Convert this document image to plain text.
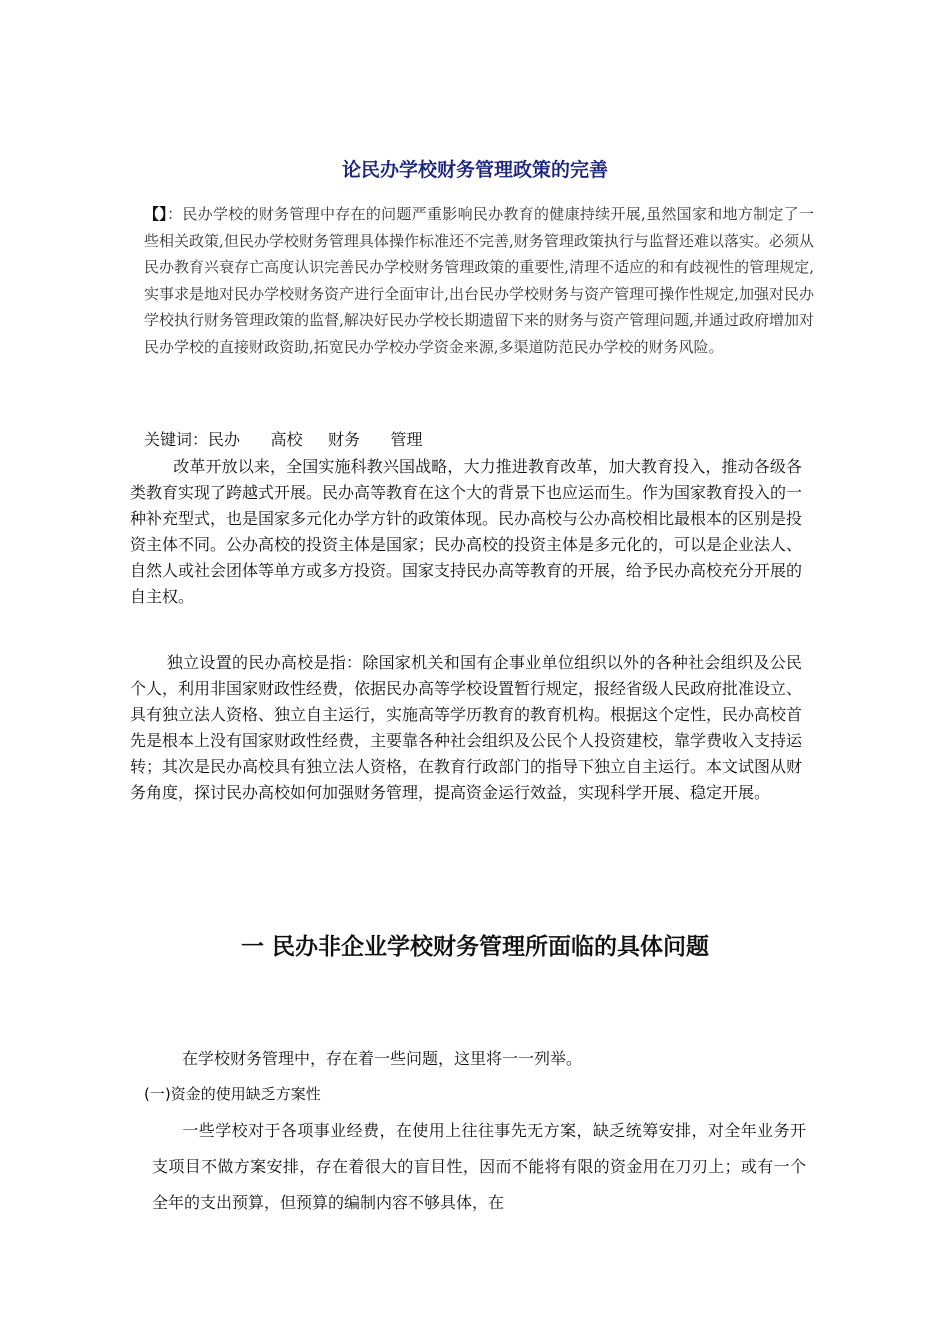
论民办学校财务管理政策的完善

【】：民办学校的财务管理中存在的问题严重影响民办教育的健康持续开展,虽然国家和地方制定了一些相关政策,但民办学校财务管理具体操作标准还不完善,财务管理政策执行与监督还难以落实。必须从民办教育兴衰存亡高度认识完善民办学校财务管理政策的重要性,清理不适应的和有歧视性的管理规定,实事求是地对民办学校财务资产进行全面审计,出台民办学校财务与资产管理可操作性规定,加强对民办学校执行财务管理政策的监督,解决好民办学校长期遗留下来的财务与资产管理问题,并通过政府增加对民办学校的直接财政资助,拓宽民办学校办学资金来源,多渠道防范民办学校的财务风险。

关键词：民办      高校     财务      管理

改革开放以来，全国实施科教兴国战略，大力推进教育改革，加大教育投入，推动各级各类教育实现了跨越式开展。民办高等教育在这个大的背景下也应运而生。作为国家教育投入的一种补充型式，也是国家多元化办学方针的政策体现。民办高校与公办高校相比最根本的区别是投资主体不同。公办高校的投资主体是国家；民办高校的投资主体是多元化的，可以是企业法人、自然人或社会团体等单方或多方投资。国家支持民办高等教育的开展，给予民办高校充分开展的自主权。

独立设置的民办高校是指：除国家机关和国有企事业单位组织以外的各种社会组织及公民个人，利用非国家财政性经费，依据民办高等学校设置暂行规定，报经省级人民政府批准设立、具有独立法人资格、独立自主运行，实施高等学历教育的教育机构。根据这个定性，民办高校首先是根本上没有国家财政性经费，主要靠各种社会组织及公民个人投资建校，靠学费收入支持运转；其次是民办高校具有独立法人资格，在教育行政部门的指导下独立自主运行。本文试图从财务角度，探讨民办高校如何加强财务管理，提高资金运行效益，实现科学开展、稳定开展。

一 民办非企业学校财务管理所面临的具体问题

在学校财务管理中，存在着一些问题，这里将一一列举。

(一)资金的使用缺乏方案性

一些学校对于各项事业经费，在使用上往往事先无方案，缺乏统筹安排，对全年业务开支项目不做方案安排，存在着很大的盲目性，因而不能将有限的资金用在刀刃上；或有一个全年的支出预算，但预算的编制内容不够具体，在
